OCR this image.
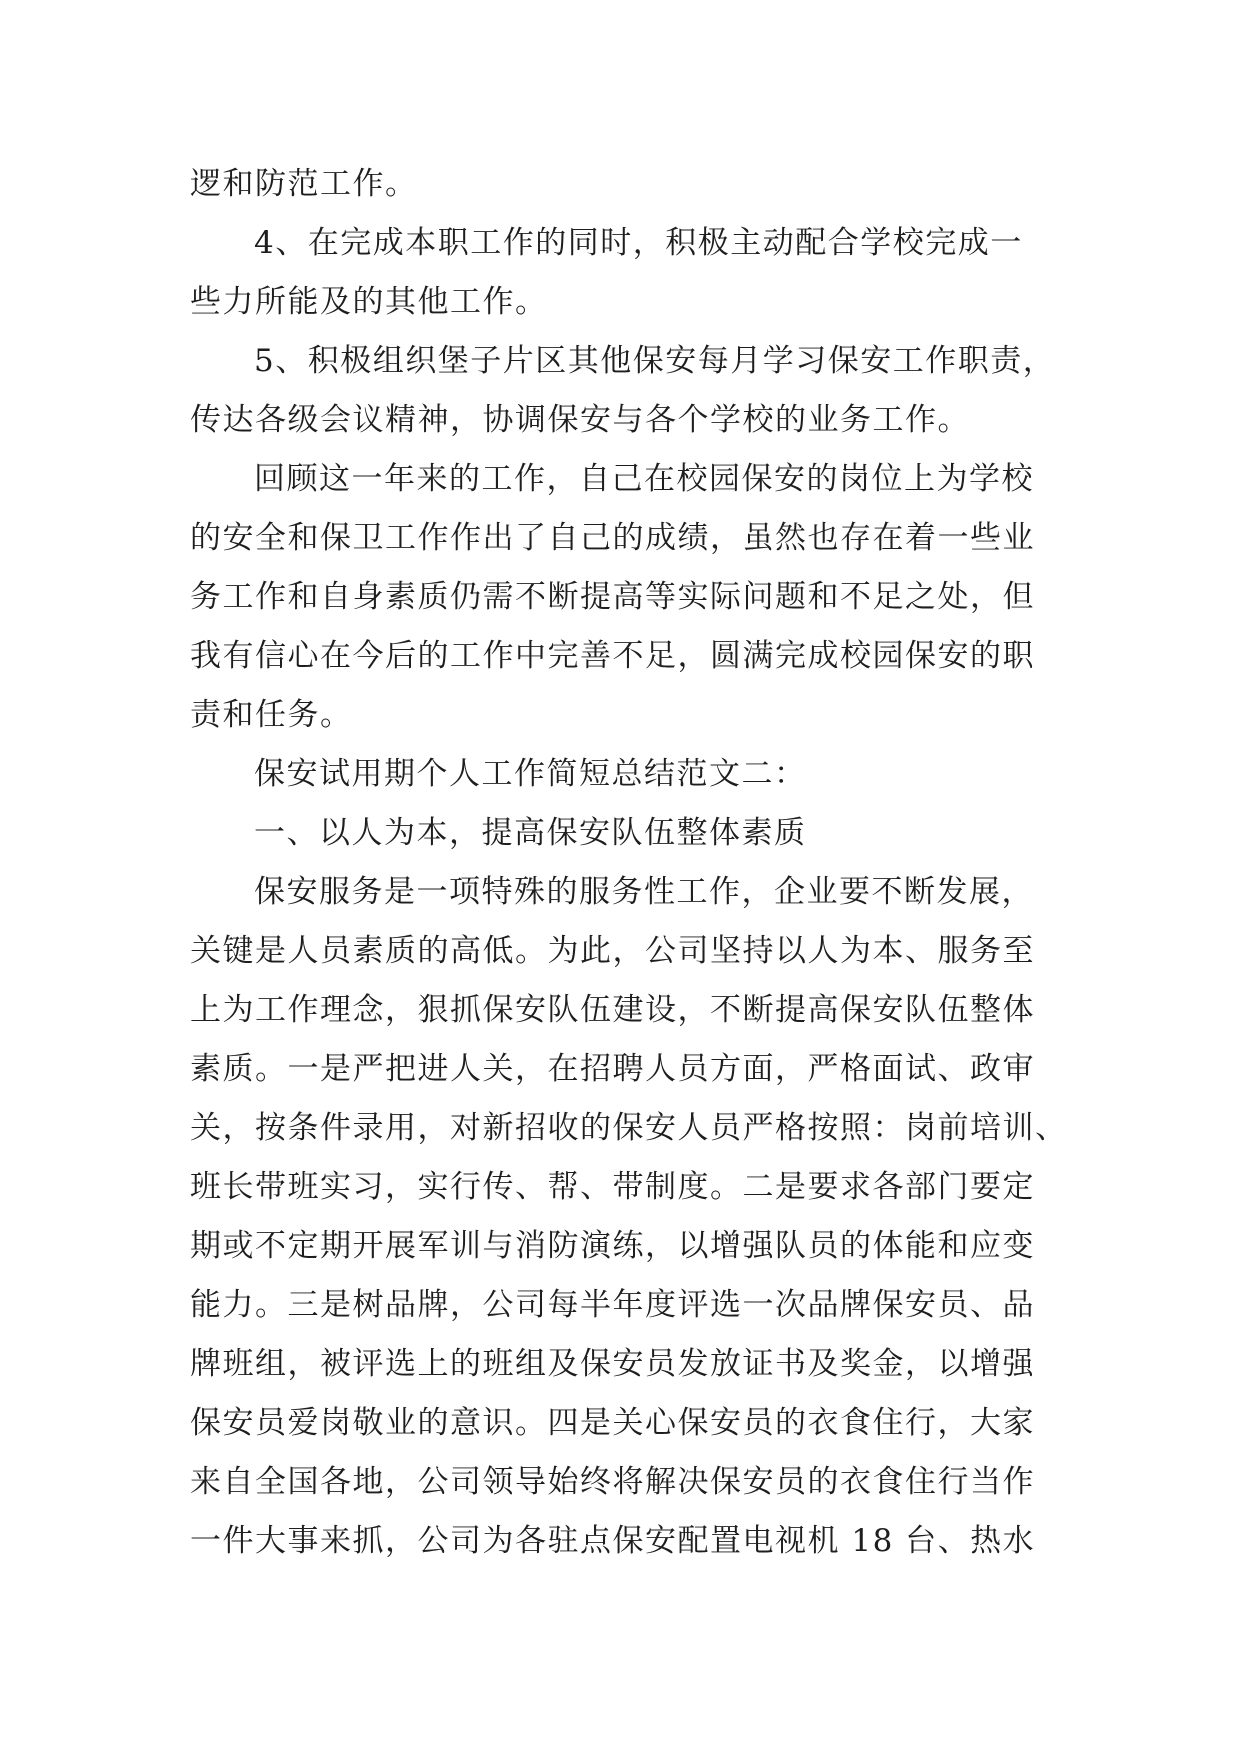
逻和防范工作。
4、在完成本职工作的同时，积极主动配合学校完成一
些力所能及的其他工作。
5、积极组织堡子片区其他保安每月学习保安工作职责，
传达各级会议精神，协调保安与各个学校的业务工作。
回顾这一年来的工作，自己在校园保安的岗位上为学校
的安全和保卫工作作出了自己的成绩，虽然也存在着一些业
务工作和自身素质仍需不断提高等实际问题和不足之处，但
我有信心在今后的工作中完善不足，圆满完成校园保安的职
责和任务。
保安试用期个人工作简短总结范文二：
一、以人为本，提高保安队伍整体素质
保安服务是一项特殊的服务性工作，企业要不断发展，
关键是人员素质的高低。为此，公司坚持以人为本、服务至
上为工作理念，狠抓保安队伍建设，不断提高保安队伍整体
素质。一是严把进人关，在招聘人员方面，严格面试、政审
关，按条件录用，对新招收的保安人员严格按照：岗前培训、
班长带班实习，实行传、帮、带制度。二是要求各部门要定
期或不定期开展军训与消防演练，以增强队员的体能和应变
能力。三是树品牌，公司每半年度评选一次品牌保安员、品
牌班组，被评选上的班组及保安员发放证书及奖金，以增强
保安员爱岗敬业的意识。四是关心保安员的衣食住行，大家
来自全国各地，公司领导始终将解决保安员的衣食住行当作
一件大事来抓，公司为各驻点保安配置电视机 18 台、热水
